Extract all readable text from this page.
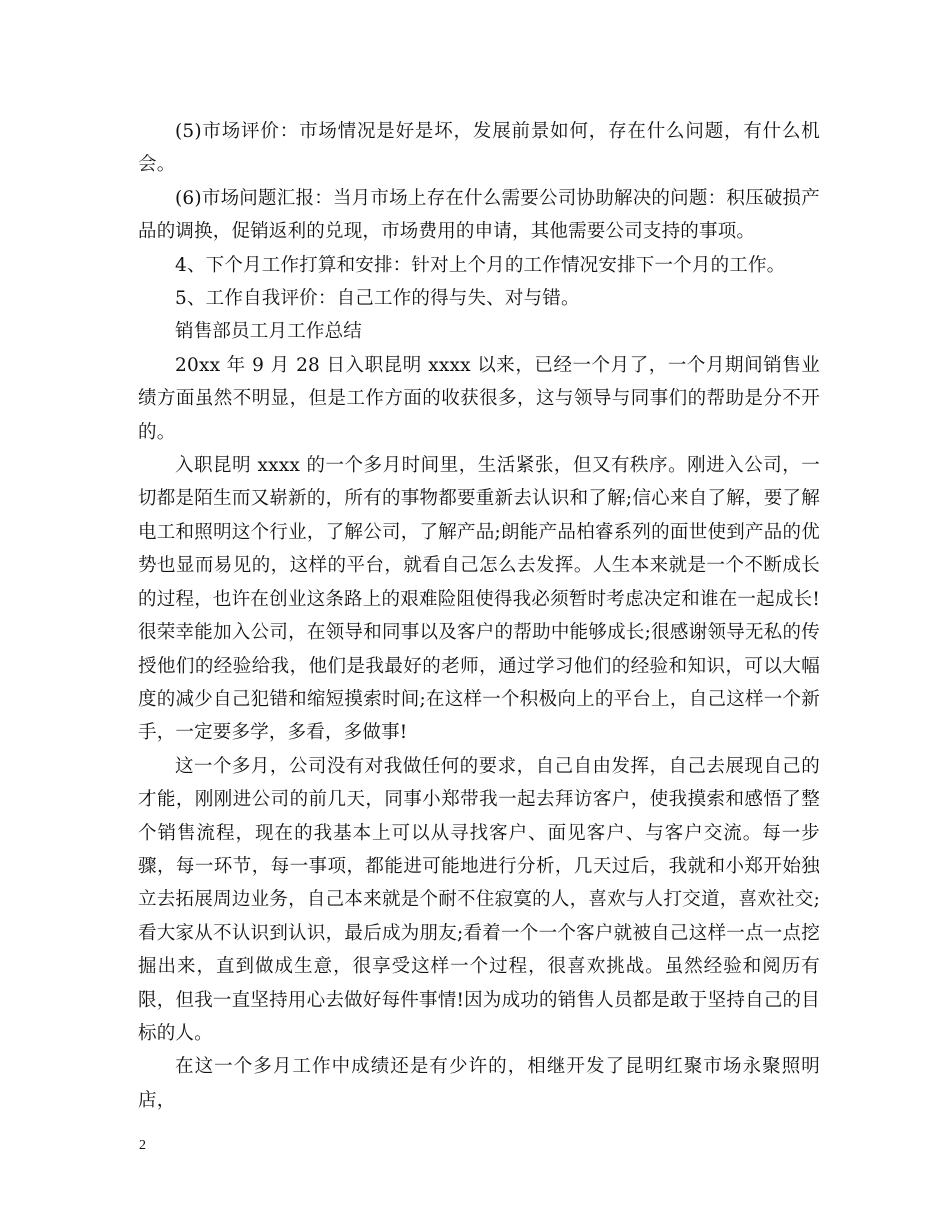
(5)市场评价：市场情况是好是坏，发展前景如何，存在什么问题，有什么机会。

(6)市场问题汇报：当月市场上存在什么需要公司协助解决的问题：积压破损产品的调换，促销返利的兑现，市场费用的申请，其他需要公司支持的事项。

4、下个月工作打算和安排：针对上个月的工作情况安排下一个月的工作。

5、工作自我评价：自己工作的得与失、对与错。

销售部员工月工作总结

20xx 年 9 月 28 日入职昆明 xxxx 以来，已经一个月了，一个月期间销售业绩方面虽然不明显，但是工作方面的收获很多，这与领导与同事们的帮助是分不开的。

入职昆明 xxxx 的一个多月时间里，生活紧张，但又有秩序。刚进入公司，一切都是陌生而又崭新的，所有的事物都要重新去认识和了解;信心来自了解，要了解电工和照明这个行业，了解公司，了解产品;朗能产品柏睿系列的面世使到产品的优势也显而易见的，这样的平台，就看自己怎么去发挥。人生本来就是一个不断成长的过程，也许在创业这条路上的艰难险阻使得我必须暂时考虑决定和谁在一起成长!很荣幸能加入公司，在领导和同事以及客户的帮助中能够成长;很感谢领导无私的传授他们的经验给我，他们是我最好的老师，通过学习他们的经验和知识，可以大幅度的减少自己犯错和缩短摸索时间;在这样一个积极向上的平台上，自己这样一个新手，一定要多学，多看，多做事!

这一个多月，公司没有对我做任何的要求，自己自由发挥，自己去展现自己的才能，刚刚进公司的前几天，同事小郑带我一起去拜访客户，使我摸索和感悟了整个销售流程，现在的我基本上可以从寻找客户、面见客户、与客户交流。每一步骤，每一环节，每一事项，都能进可能地进行分析，几天过后，我就和小郑开始独立去拓展周边业务，自己本来就是个耐不住寂寞的人，喜欢与人打交道，喜欢社交;看大家从不认识到认识，最后成为朋友;看着一个一个客户就被自己这样一点一点挖掘出来，直到做成生意，很享受这样一个过程，很喜欢挑战。虽然经验和阅历有限，但我一直坚持用心去做好每件事情!因为成功的销售人员都是敢于坚持自己的目标的人。

在这一个多月工作中成绩还是有少许的，相继开发了昆明红聚市场永聚照明店，

2
